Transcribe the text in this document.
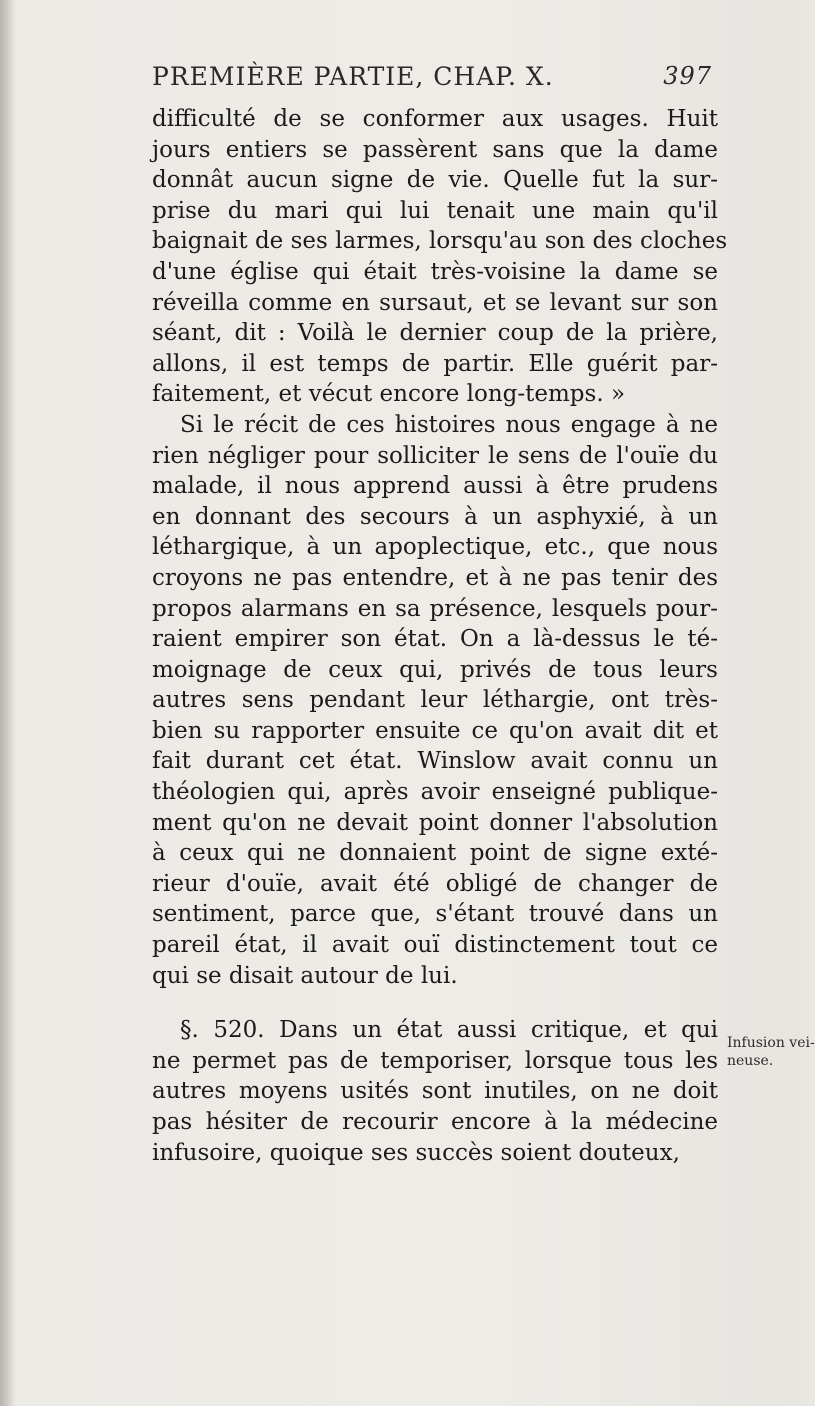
PREMIÈRE PARTIE, CHAP. X.	397
difficulté de se conformer aux usages. Huit
jours entiers se passèrent sans que la dame
donnât aucun signe de vie. Quelle fut la sur-
prise du mari qui lui tenait une main qu'il
baignait de ses larmes, lorsqu'au son des cloches
d'une église qui était très-voisine la dame se
réveilla comme en sursaut, et se levant sur son
séant, dit : Voilà le dernier coup de la prière,
allons, il est temps de partir. Elle guérit par-
faitement, et vécut encore long-temps. »
Si le récit de ces histoires nous engage à ne
rien négliger pour solliciter le sens de l'ouïe du
malade, il nous apprend aussi à être prudens
en donnant des secours à un asphyxié, à un
léthargique, à un apoplectique, etc., que nous
croyons ne pas entendre, et à ne pas tenir des
propos alarmans en sa présence, lesquels pour-
raient empirer son état. On a là-dessus le té-
moignage de ceux qui, privés de tous leurs
autres sens pendant leur léthargie, ont très-
bien su rapporter ensuite ce qu'on avait dit et
fait durant cet état. Winslow avait connu un
théologien qui, après avoir enseigné publique-
ment qu'on ne devait point donner l'absolution
à ceux qui ne donnaient point de signe exté-
rieur d'ouïe, avait été obligé de changer de
sentiment, parce que, s'étant trouvé dans un
pareil état, il avait ouï distinctement tout ce
qui se disait autour de lui.
§. 520. Dans un état aussi critique, et qui
ne permet pas de temporiser, lorsque tous les
autres moyens usités sont inutiles, on ne doit
pas hésiter de recourir encore à la médecine
infusoire, quoique ses succès soient douteux,
Infusion vei-
neuse.
